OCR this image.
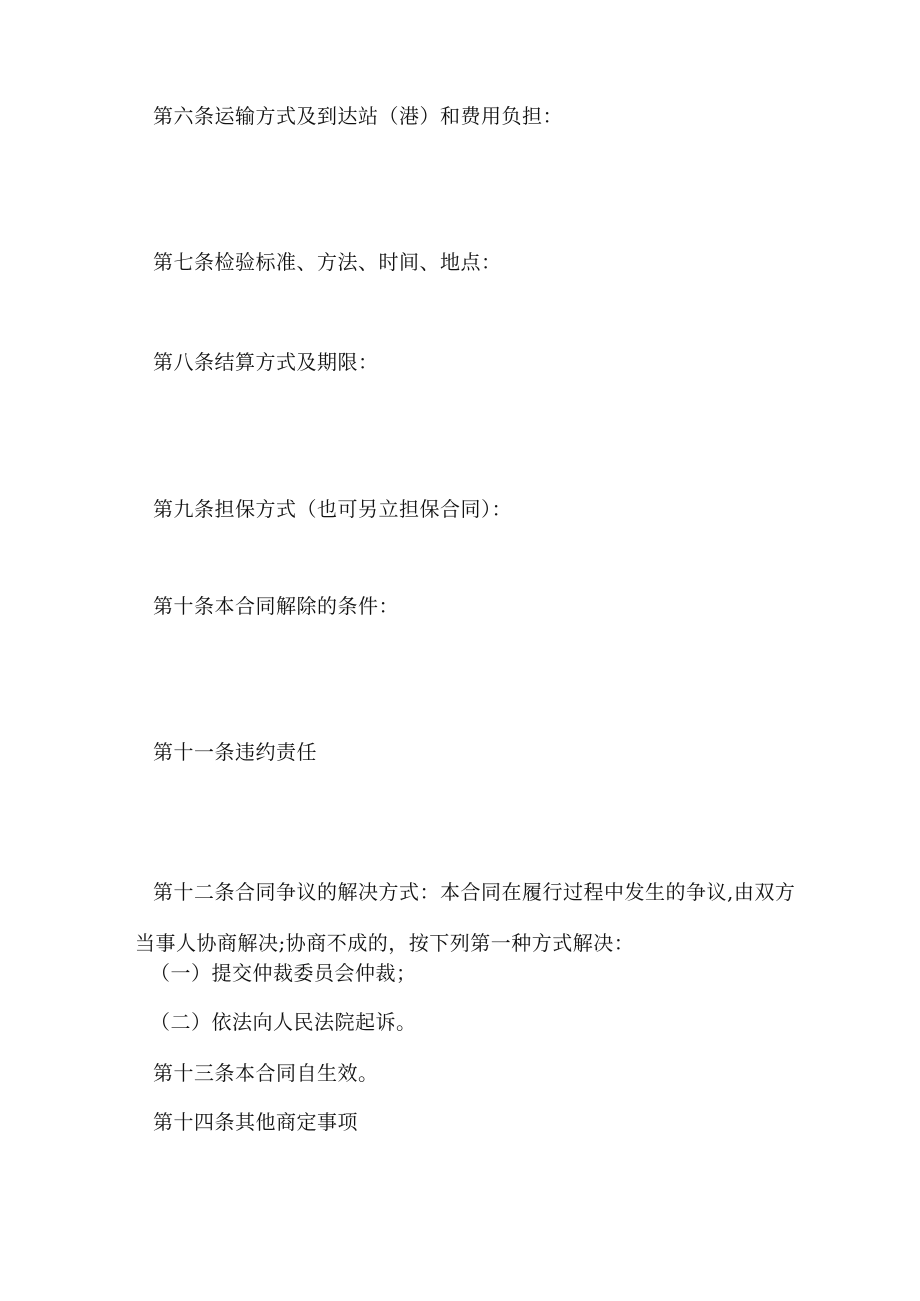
第六条运输方式及到达站（港）和费用负担：
第七条检验标准、方法、时间、地点：
第八条结算方式及期限：
第九条担保方式（也可另立担保合同）：
第十条本合同解除的条件：
第十一条违约责任
第十二条合同争议的解决方式：本合同在履行过程中发生的争议,由双方
当事人协商解决;协商不成的，按下列第一种方式解决：
（一）提交仲裁委员会仲裁；
（二）依法向人民法院起诉。
第十三条本合同自生效。
第十四条其他商定事项
